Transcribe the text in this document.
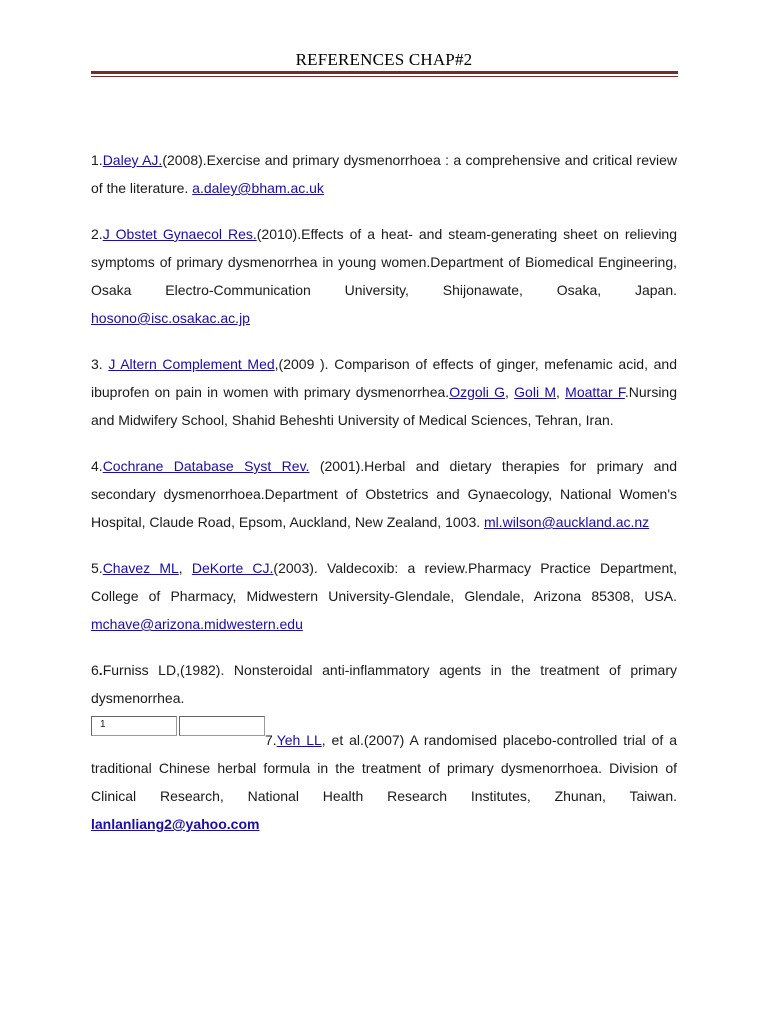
REFERENCES CHAP#2

1.Daley AJ.(2008).Exercise and primary dysmenorrhoea : a comprehensive and critical review of the literature. a.daley@bham.ac.uk

2.J Obstet Gynaecol Res.(2010).Effects of a heat- and steam-generating sheet on relieving symptoms of primary dysmenorrhea in young women.Department of Biomedical Engineering, Osaka Electro-Communication University, Shijonawate, Osaka, Japan. hosono@isc.osakac.ac.jp

3. J Altern Complement Med,(2009 ). Comparison of effects of ginger, mefenamic acid, and ibuprofen on pain in women with primary dysmenorrhea.Ozgoli G, Goli M, Moattar F.Nursing and Midwifery School, Shahid Beheshti University of Medical Sciences, Tehran, Iran.

4.Cochrane Database Syst Rev. (2001).Herbal and dietary therapies for primary and secondary dysmenorrhoea.Department of Obstetrics and Gynaecology, National Women's Hospital, Claude Road, Epsom, Auckland, New Zealand, 1003. ml.wilson@auckland.ac.nz

5.Chavez ML, DeKorte CJ.(2003). Valdecoxib: a review.Pharmacy Practice Department, College of Pharmacy, Midwestern University-Glendale, Glendale, Arizona 85308, USA. mchave@arizona.midwestern.edu

6.Furniss LD,(1982). Nonsteroidal anti-inflammatory agents in the treatment of primary dysmenorrhea.

17.Yeh LL, et al.(2007) A randomised placebo-controlled trial of a traditional Chinese herbal formula in the treatment of primary dysmenorrhoea. Division of Clinical Research, National Health Research Institutes, Zhunan, Taiwan. lanlanliang2@yahoo.com
